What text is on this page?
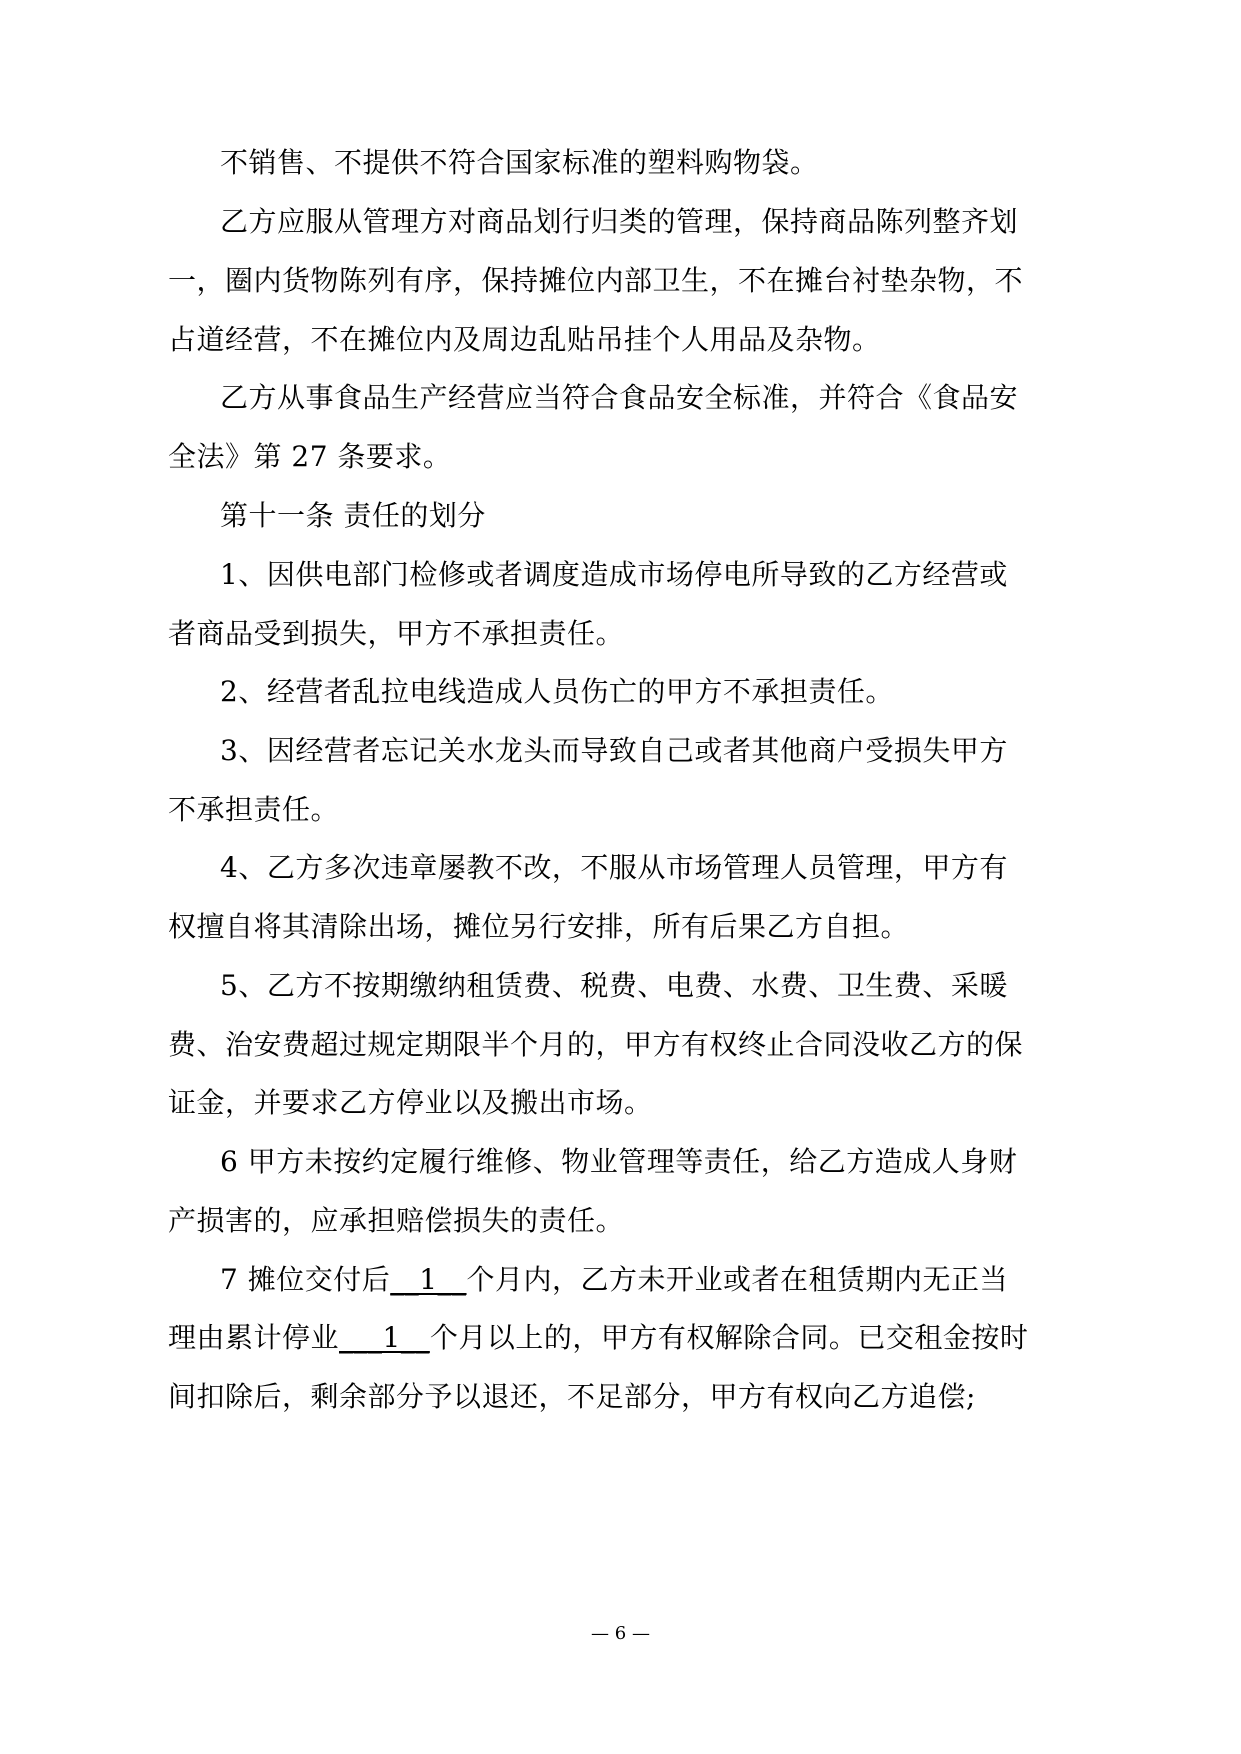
不销售、不提供不符合国家标准的塑料购物袋。
乙方应服从管理方对商品划行归类的管理，保持商品陈列整齐划
一，圈内货物陈列有序，保持摊位内部卫生，不在摊台衬垫杂物，不
占道经营，不在摊位内及周边乱贴吊挂个人用品及杂物。
乙方从事食品生产经营应当符合食品安全标准，并符合《食品安
全法》第 27 条要求。
第十一条 责任的划分
1、因供电部门检修或者调度造成市场停电所导致的乙方经营或
者商品受到损失，甲方不承担责任。
2、经营者乱拉电线造成人员伤亡的甲方不承担责任。
3、因经营者忘记关水龙头而导致自己或者其他商户受损失甲方
不承担责任。
4、乙方多次违章屡教不改，不服从市场管理人员管理，甲方有
权擅自将其清除出场，摊位另行安排，所有后果乙方自担。
5、乙方不按期缴纳租赁费、税费、电费、水费、卫生费、采暖
费、治安费超过规定期限半个月的，甲方有权终止合同没收乙方的保
证金，并要求乙方停业以及搬出市场。
6 甲方未按约定履行维修、物业管理等责任，给乙方造成人身财
产损害的，应承担赔偿损失的责任。
7 摊位交付后__1__个月内，乙方未开业或者在租赁期内无正当
理由累计停业___1__个月以上的，甲方有权解除合同。已交租金按时
间扣除后，剩余部分予以退还，不足部分，甲方有权向乙方追偿;
— 6 —
